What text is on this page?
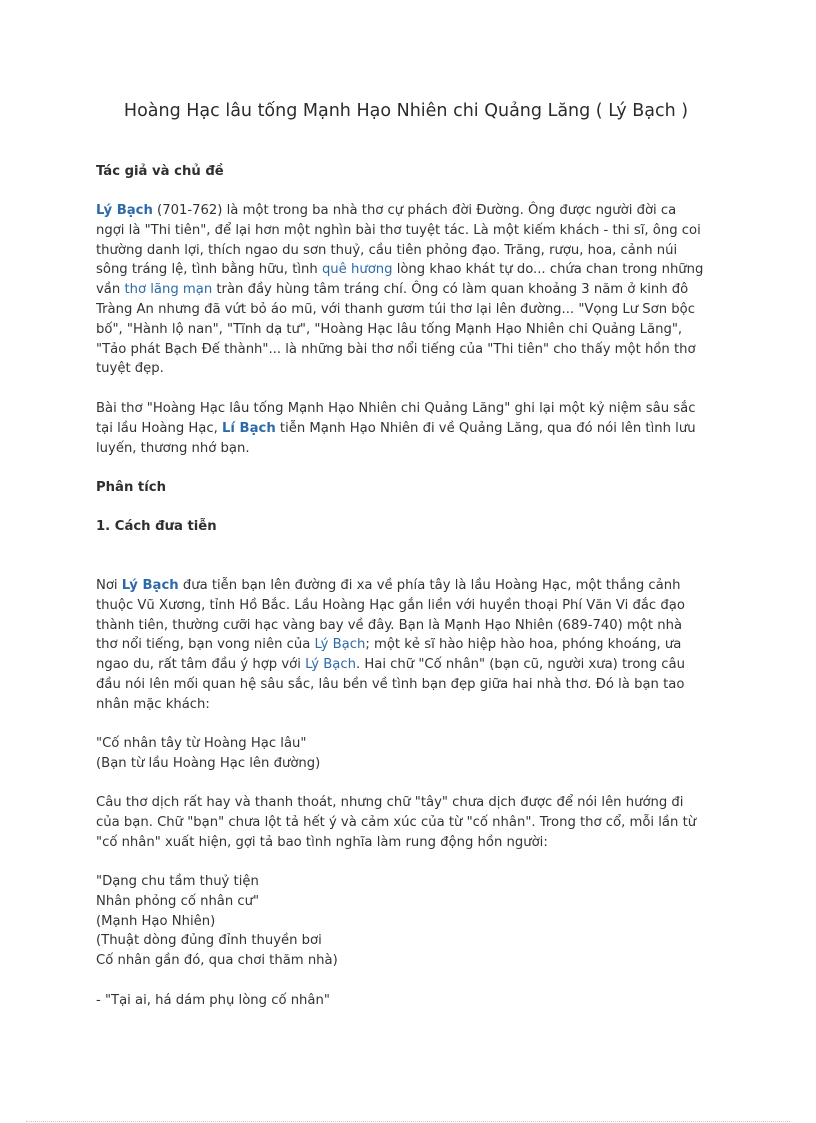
Hoàng Hạc lâu tống Mạnh Hạo Nhiên chi Quảng Lăng ( Lý Bạch )
Tác giả và chủ đề
Lý Bạch (701-762) là một trong ba nhà thơ cự phách đời Đường. Ông được người đời ca
ngợi là "Thi tiên", để lại hơn một nghìn bài thơ tuyệt tác. Là một kiếm khách - thi sĩ, ông coi
thường danh lợi, thích ngao du sơn thuỷ, cầu tiên phỏng đạo. Trăng, rượu, hoa, cảnh núi
sông tráng lệ, tình bằng hữu, tình quê hương lòng khao khát tự do... chứa chan trong những
vần thơ lãng mạn tràn đầy hùng tâm tráng chí. Ông có làm quan khoảng 3 năm ở kinh đô
Tràng An nhưng đã vứt bỏ áo mũ, với thanh gươm túi thơ lại lên đường... "Vọng Lư Sơn bộc
bố", "Hành lộ nan", "Tĩnh dạ tư", "Hoàng Hạc lâu tống Mạnh Hạo Nhiên chi Quảng Lăng",
"Tảo phát Bạch Đế thành"... là những bài thơ nổi tiếng của "Thi tiên" cho thấy một hồn thơ
tuyệt đẹp.
Bài thơ "Hoàng Hạc lâu tống Mạnh Hạo Nhiên chi Quảng Lăng" ghi lại một kỷ niệm sâu sắc
tại lầu Hoàng Hạc, Lí Bạch tiễn Mạnh Hạo Nhiên đi về Quảng Lăng, qua đó nói lên tình lưu
luyến, thương nhớ bạn.
Phân tích
1. Cách đưa tiễn
Nơi Lý Bạch đưa tiễn bạn lên đường đi xa về phía tây là lầu Hoàng Hạc, một thắng cảnh
thuộc Vũ Xương, tỉnh Hồ Bắc. Lầu Hoàng Hạc gắn liền với huyền thoại Phí Văn Vi đắc đạo
thành tiên, thường cưỡi hạc vàng bay về đây. Bạn là Mạnh Hạo Nhiên (689-740) một nhà
thơ nổi tiếng, bạn vong niên của Lý Bạch; một kẻ sĩ hào hiệp hào hoa, phóng khoáng, ưa
ngao du, rất tâm đầu ý hợp với Lý Bạch. Hai chữ "Cố nhân" (bạn cũ, người xưa) trong câu
đầu nói lên mối quan hệ sâu sắc, lâu bền về tình bạn đẹp giữa hai nhà thơ. Đó là bạn tao
nhân mặc khách:
"Cố nhân tây từ Hoàng Hạc lâu"
(Bạn từ lầu Hoàng Hạc lên đường)
Câu thơ dịch rất hay và thanh thoát, nhưng chữ "tây" chưa dịch được để nói lên hướng đi
của bạn. Chữ "bạn" chưa lột tả hết ý và cảm xúc của từ "cố nhân". Trong thơ cổ, mỗi lần từ
"cố nhân" xuất hiện, gợi tả bao tình nghĩa làm rung động hồn người:
"Dạng chu tầm thuỷ tiện
Nhân phỏng cố nhân cư"
(Mạnh Hạo Nhiên)
(Thuật dòng đủng đỉnh thuyền bơi
Cố nhân gần đó, qua chơi thăm nhà)
- "Tại ai, há dám phụ lòng cố nhân"
